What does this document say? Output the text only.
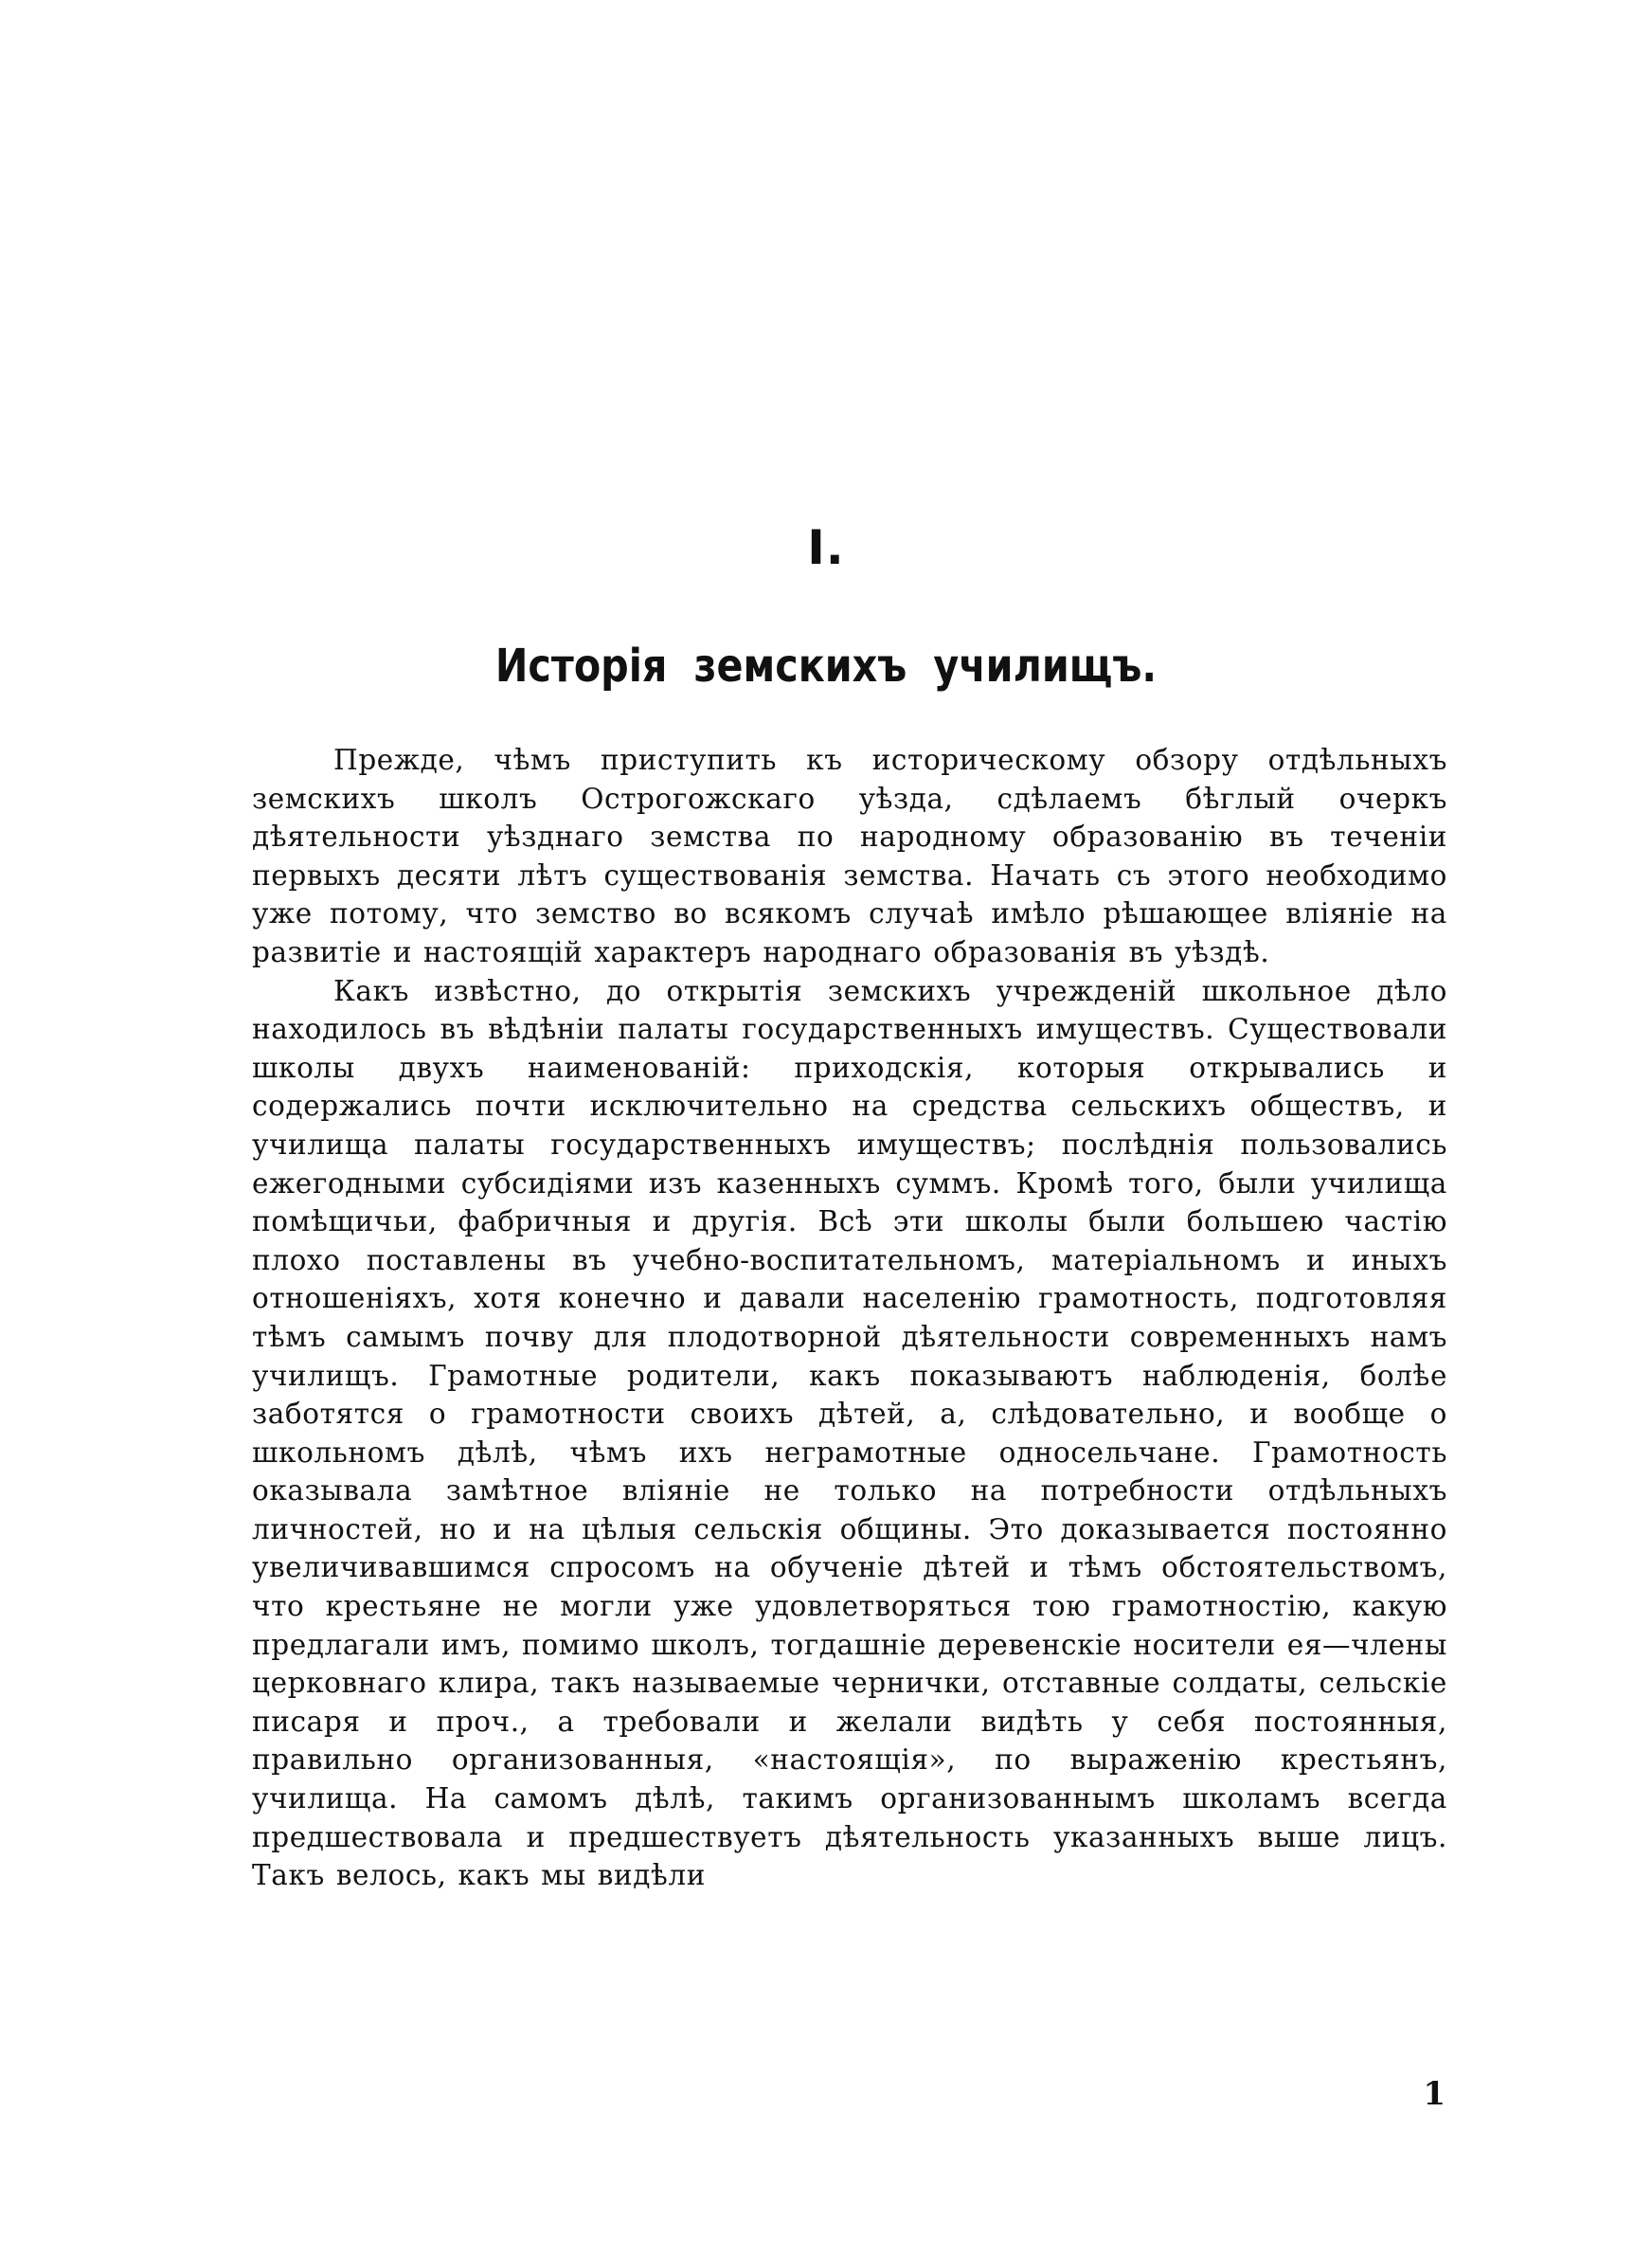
I.
Исторія земскихъ училищъ.

Прежде, чѣмъ приступить къ историческому обзору отдѣльныхъ земскихъ школъ Острогожскаго уѣзда, сдѣлаемъ бѣглый очеркъ дѣятельности уѣзднаго земства по народному образованію въ теченіи первыхъ десяти лѣтъ существованія земства. Начать съ этого необходимо уже потому, что земство во всякомъ случаѣ имѣло рѣшающее вліяніе на развитіе и настоящій характеръ народнаго образованія въ уѣздѣ.

Какъ извѣстно, до открытія земскихъ учрежденій школьное дѣло находилось въ вѣдѣніи палаты государственныхъ имуществъ. Существовали школы двухъ наименованій: приходскія, которыя открывались и содержались почти исключительно на средства сельскихъ обществъ, и училища палаты государственныхъ имуществъ; послѣднія пользовались ежегодными субсидіями изъ казенныхъ суммъ. Кромѣ того, были училища помѣщичьи, фабричныя и другія. Всѣ эти школы были большею частію плохо поставлены въ учебно-воспитательномъ, матеріальномъ и иныхъ отношеніяхъ, хотя конечно и давали населенію грамотность, подготовляя тѣмъ самымъ почву для плодотворной дѣятельности современныхъ намъ училищъ. Грамотные родители, какъ показываютъ наблюденія, болѣе заботятся о грамотности своихъ дѣтей, а, слѣдовательно, и вообще о школьномъ дѣлѣ, чѣмъ ихъ неграмотные односельчане. Грамотность оказывала замѣтное вліяніе не только на потребности отдѣльныхъ личностей, но и на цѣлыя сельскія общины. Это доказывается постоянно увеличивавшимся спросомъ на обученіе дѣтей и тѣмъ обстоятельствомъ, что крестьяне не могли уже удовлетворяться тою грамотностію, какую предлагали имъ, помимо школъ, тогдашніе деревенскіе носители ея—члены церковнаго клира, такъ называемые чернички, отставные солдаты, сельскіе писаря и проч., а требовали и желали видѣть у себя постоянныя, правильно организованныя, «настоящія», по выраженію крестьянъ, училища. На самомъ дѣлѣ, такимъ организованнымъ школамъ всегда предшествовала и предшествуетъ дѣятельность указанныхъ выше лицъ. Такъ велось, какъ мы видѣли

1
